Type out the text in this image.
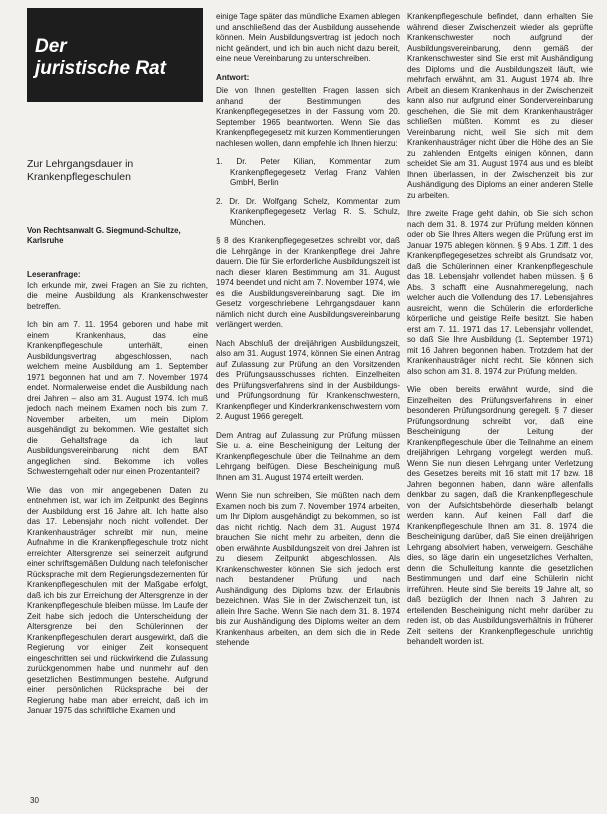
Der
juristische Rat
Zur Lehrgangsdauer in
Krankenpflegeschulen
Von Rechtsanwalt G. Siegmund-Schultze, Karlsruhe
Leseranfrage:

Ich erkunde mir, zwei Fragen an Sie zu richten, die meine Ausbildung als Krankenschwester betreffen.

Ich bin am 7. 11. 1954 geboren und habe mit einem Krankenhaus, das eine Krankenpflegeschule unterhält, einen Ausbildungsvertrag abgeschlossen, nach welchem meine Ausbildung am 1. September 1971 begonnen hat und am 7. November 1974 endet. Normalerweise endet die Ausbildung nach drei Jahren – also am 31. August 1974. Ich muß jedoch nach meinem Examen noch bis zum 7. November arbeiten, um mein Diplom ausgehändigt zu bekommen. Wie gestaltet sich die Gehaltsfrage da ich laut Ausbildungsvereinbarung nicht dem BAT angeglichen sind. Bekomme ich volles Schwesterngehalt oder nur einen Prozentanteil?

Wie das von mir angegebenen Daten zu entnehmen ist, war ich im Zeitpunkt des Beginns der Ausbildung erst 16 Jahre alt. Ich hatte also das 17. Lebensjahr noch nicht vollendet. Der Krankenhausträger schreibt mir nun, meine Aufnahme in die Krankenpflegeschule trotz nicht erreichter Altersgrenze sei seinerzeit aufgrund einer schriftsgemäßen Duldung nach telefonischer Rücksprache mit dem Regierungsdezernenten für Krankenpflegeschulen mit der Maßgabe erfolgt, daß ich bis zur Erreichung der Altersgrenze in der Krankenpflegeschule bleiben müsse. Im Laufe der Zeit habe sich jedoch die Unterscheidung der Altersgrenze bei den Schülerinnen der Krankenpflegeschulen derart ausgewirkt, daß die Regierung vor einiger Zeit konsequent eingeschritten sei und rückwirkend die Zulassung zurückgenommen habe und nunmehr auf den gesetzlichen Bestimmungen bestehe. Aufgrund einer persönlichen Rücksprache bei der Regierung habe man aber erreicht, daß ich im Januar 1975 das schriftliche Examen und

einige Tage später das mündliche Examen ablegen und anschließend das der Ausbildung aussehende können. Mein Ausbildungsvertrag ist jedoch noch nicht geändert, und ich bin auch nicht dazu bereit, eine neue Vereinbarung zu unterschreiben.

Antwort:

Die von Ihnen gestellten Fragen lassen sich anhand der Bestimmungen des Krankenpflegegesetzes in der Fassung vom 20. September 1965 beantworten. Wenn Sie das Krankenpflegegesetz mit kurzen Kommentierungen nachlesen wollen, dann empfehle ich Ihnen hierzu:

1. Dr. Peter Kilian, Kommentar zum Krankenpflegegesetz Verlag Franz Vahlen GmbH, Berlin

2. Dr. Dr. Wolfgang Schelz, Kommentar zum Krankenpflegegesetz Verlag R. S. Schulz, München.

§ 8 des Krankenpflegegesetzes schreibt vor, daß die Lehrgänge in der Krankenpflege drei Jahre dauern. Die für Sie erforderliche Ausbildungszeit ist nach dieser klaren Bestimmung am 31. August 1974 beendet und nicht am 7. November 1974, wie es die Ausbildungsvereinbarung sagt. Die im Gesetz vorgeschriebene Lehrgangsdauer kann nämlich nicht durch eine Ausbildungsvereinbarung verlängert werden.

Nach Abschluß der dreijährigen Ausbildungszeit, also am 31. August 1974, können Sie einen Antrag auf Zulassung zur Prüfung an den Vorsitzenden des Prüfungsausschusses richten. Einzelheiten des Prüfungsverfahrens sind in der Ausbildungs- und Prüfungsordnung für Krankenschwestern, Krankenpfleger und Kinderkrankenschwestern vom 2. August 1966 geregelt.

Dem Antrag auf Zulassung zur Prüfung müssen Sie u. a. eine Bescheinigung der Leitung der Krankenpflegeschule über die Teilnahme an dem Lehrgang beifügen. Diese Bescheinigung muß Ihnen am 31. August 1974 erteilt werden.

Wenn Sie nun schreiben, Sie müßten nach dem Examen noch bis zum 7. November 1974 arbeiten, um Ihr Diplom ausgehändigt zu bekommen, so ist das nicht richtig. Nach dem 31. August 1974 brauchen Sie nicht mehr zu arbeiten, denn die oben erwähnte Ausbildungszeit von drei Jahren ist zu diesem Zeitpunkt abgeschlossen. Als Krankenschwester können Sie sich jedoch erst nach bestandener Prüfung und nach Aushändigung des Diploms bzw. der Erlaubnis bezeichnen. Was Sie in der Zwischenzeit tun, ist allein Ihre Sache. Wenn Sie nach dem 31. 8. 1974 bis zur Aushändigung des Diploms weiter an dem Krankenhaus arbeiten, an dem sich die in Rede stehende

Krankenpflegeschule befindet, dann erhalten Sie während dieser Zwischenzeit wieder als geprüfte Krankenschwester noch aufgrund der Ausbildungsvereinbarung, denn gemäß der Krankenschwester sind Sie erst mit Aushändigung des Diploms und die Ausbildungszeit läuft, wie mehrfach erwähnt, am 31. August 1974 ab. Ihre Arbeit an diesem Krankenhaus in der Zwischenzeit kann also nur aufgrund einer Sondervereinbarung geschehen, die Sie mit dem Krankenhausträger schließen müßten. Kommt es zu dieser Vereinbarung nicht, weil Sie sich mit dem Krankenhausträger nicht über die Höhe des an Sie zu zahlenden Entgelts einigen können, dann scheidet Sie am 31. August 1974 aus und es bleibt Ihnen überlassen, in der Zwischenzeit bis zur Aushändigung des Diploms an einer anderen Stelle zu arbeiten.

Ihre zweite Frage geht dahin, ob Sie sich schon nach dem 31. 8. 1974 zur Prüfung melden können oder ob Sie Ihres Alters wegen die Prüfung erst im Januar 1975 ablegen können. § 9 Abs. 1 Ziff. 1 des Krankenpflegegesetzes schreibt als Grundsatz vor, daß die Schülerinnen einer Krankenpflegeschule das 18. Lebensjahr vollendet haben müssen. § 6 Abs. 3 schafft eine Ausnahmeregelung, nach welcher auch die Vollendung des 17. Lebensjahres ausreicht, wenn die Schülerin die erforderliche körperliche und geistige Reife besitzt. Sie haben erst am 7. 11. 1971 das 17. Lebensjahr vollendet, so daß Sie Ihre Ausbildung (1. September 1971) mit 16 Jahren begonnen haben. Trotzdem hat der Krankenhausträger nicht recht. Sie können sich also schon am 31. 8. 1974 zur Prüfung melden.

Wie oben bereits erwähnt wurde, sind die Einzelheiten des Prüfungsverfahrens in einer besonderen Prüfungsordnung geregelt. § 7 dieser Prüfungsordnung schreibt vor, daß eine Bescheinigung der Leitung der Krankenpflegeschule über die Teilnahme an einem dreijährigen Lehrgang vorgelegt werden muß. Wenn Sie nun diesen Lehrgang unter Verletzung des Gesetzes bereits mit 16 statt mit 17 bzw. 18 Jahren begonnen haben, dann wäre allenfalls denkbar zu sagen, daß die Krankenpflegeschule von der Aufsichtsbehörde dieserhalb belangt werden kann. Auf keinen Fall darf die Krankenpflegeschule Ihnen am 31. 8. 1974 die Bescheinigung darüber, daß Sie einen dreijährigen Lehrgang absolviert haben, verweigern. Geschähe dies, so läge darin ein ungesetzliches Verhalten, denn die Schulleitung kannte die gesetzlichen Bestimmungen und darf eine Schülerin nicht irreführen. Heute sind Sie bereits 19 Jahre alt, so daß bezüglich der Ihnen nach 3 Jahren zu erteilenden Bescheinigung nicht mehr darüber zu reden ist, ob das Ausbildungsverhältnis in früherer Zeit seitens der Krankenpflegeschule unrichtig behandelt worden ist.

30
